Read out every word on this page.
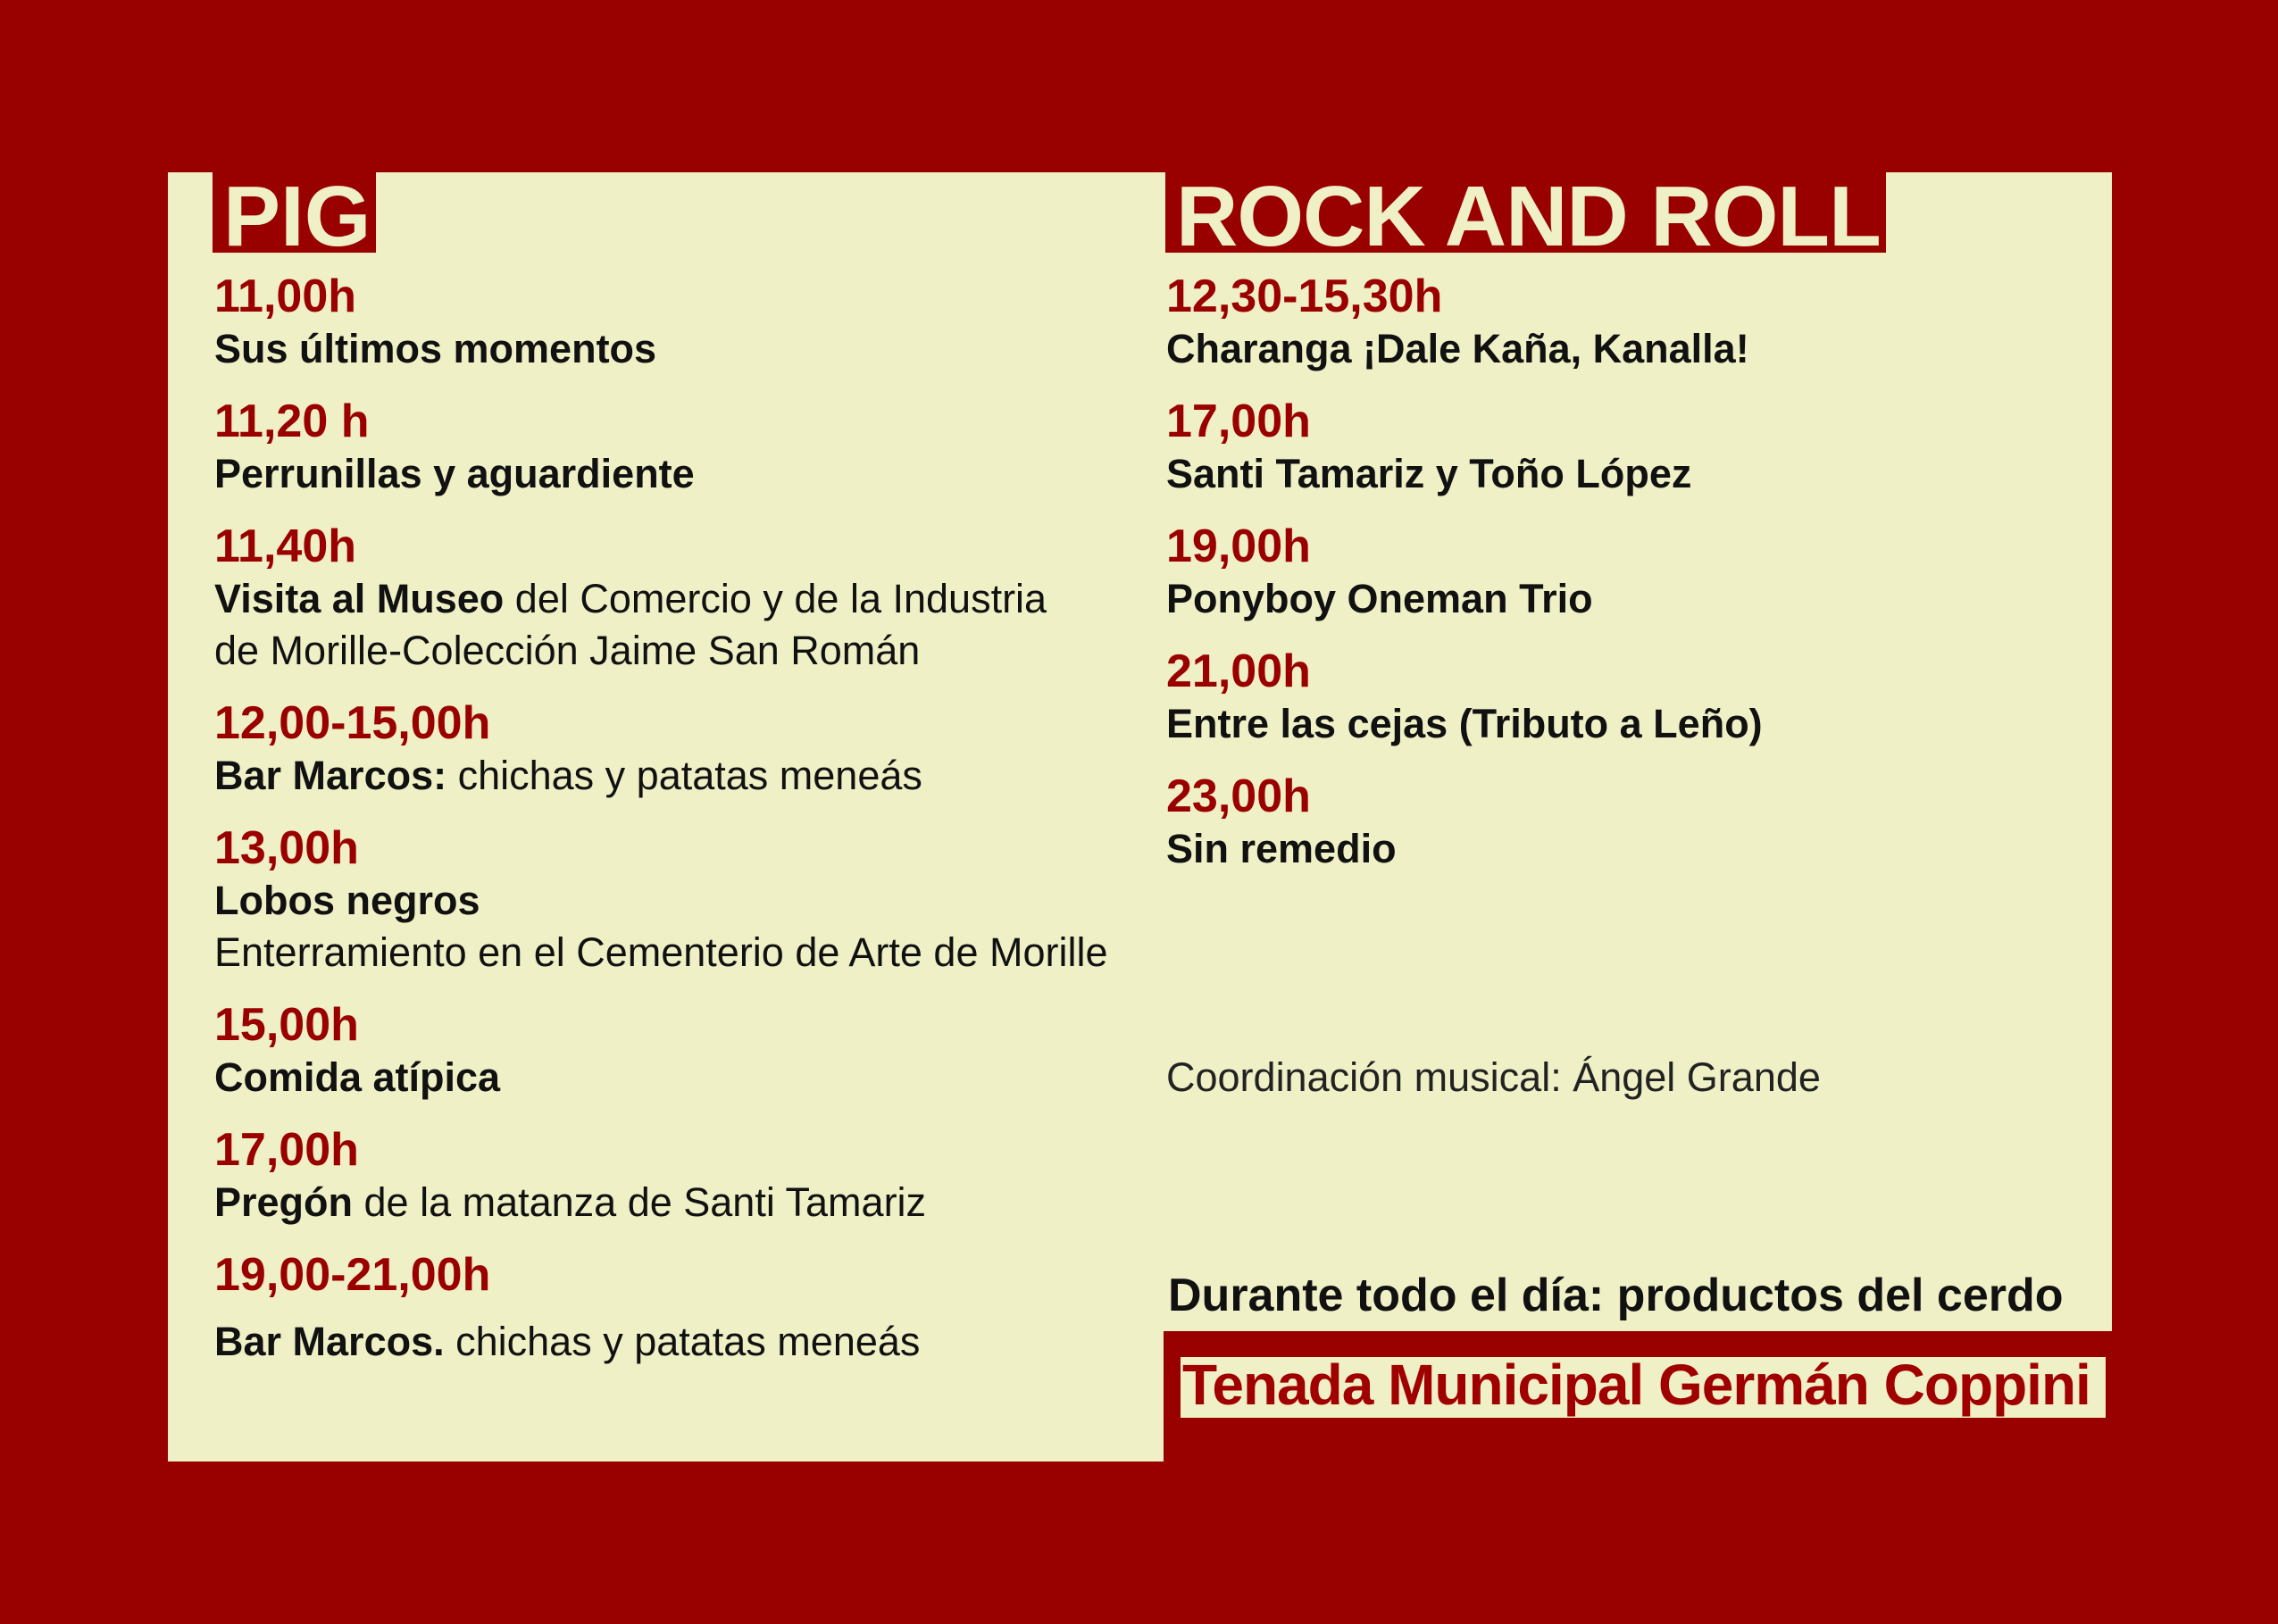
PIG	ROCK AND ROLL
11,00h
Sus últimos momentos
11,20 h
Perrunillas y aguardiente
11,40h
Visita al Museo del Comercio y de la Industria
de Morille-Colección Jaime San Román
12,00-15,00h
Bar Marcos: chichas y patatas meneás
13,00h
Lobos negros
Enterramiento en el Cementerio de Arte de Morille
15,00h
Comida atípica
17,00h
Pregón de la matanza de Santi Tamariz
19,00-21,00h
Bar Marcos. chichas y patatas meneás
12,30-15,30h
Charanga ¡Dale Kaña, Kanalla!
17,00h
Santi Tamariz y Toño López
19,00h
Ponyboy Oneman Trio
21,00h
Entre las cejas (Tributo a Leño)
23,00h
Sin remedio
Coordinación musical: Ángel Grande
Durante todo el día: productos del cerdo
Tenada Municipal Germán Coppini
